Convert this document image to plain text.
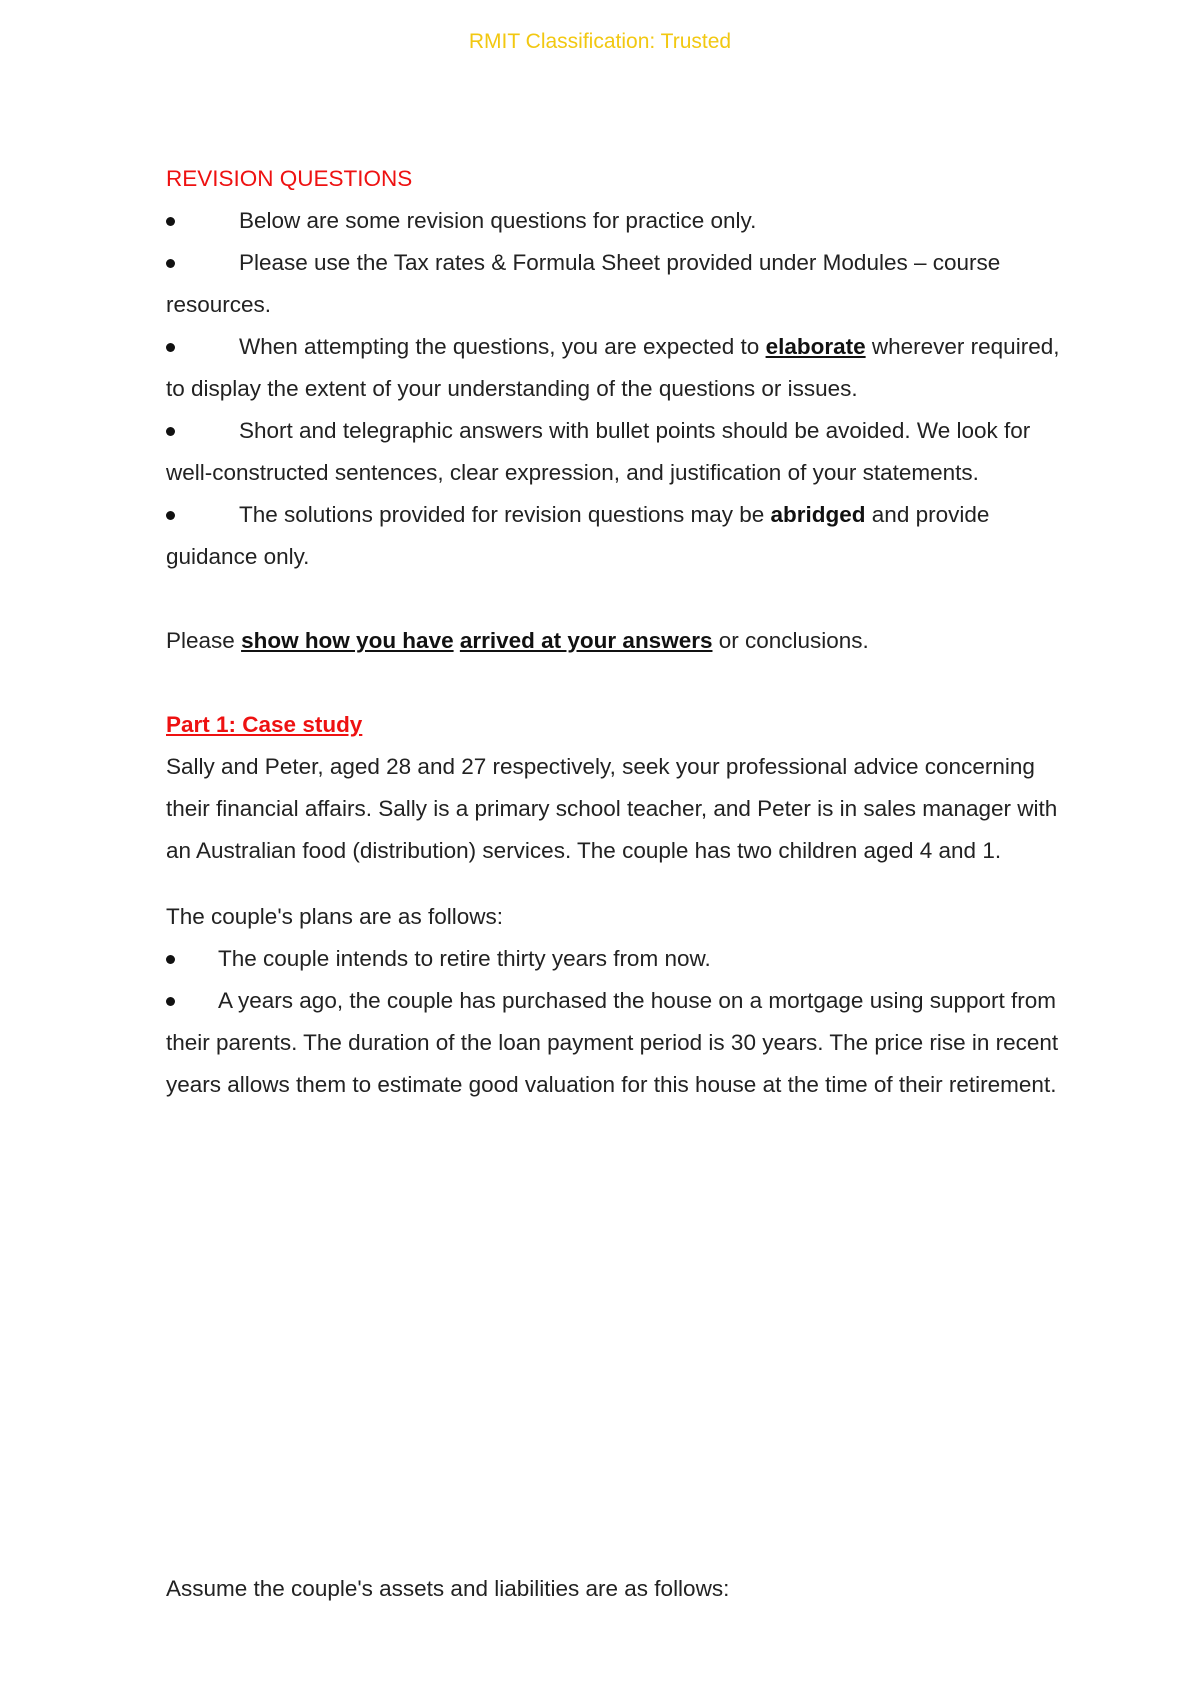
RMIT Classification: Trusted
REVISION QUESTIONS
Below are some revision questions for practice only.
Please use the Tax rates & Formula Sheet provided under Modules – course resources.
When attempting the questions, you are expected to elaborate wherever required, to display the extent of your understanding of the questions or issues.
Short and telegraphic answers with bullet points should be avoided. We look for well-constructed sentences, clear expression, and justification of your statements.
The solutions provided for revision questions may be abridged and provide guidance only.
Please show how you have arrived at your answers or conclusions.
Part 1: Case study
Sally and Peter, aged 28 and 27 respectively, seek your professional advice concerning their financial affairs. Sally is a primary school teacher, and Peter is in sales manager with an Australian food (distribution) services. The couple has two children aged 4 and 1.
The couple's plans are as follows:
The couple intends to retire thirty years from now.
A years ago, the couple has purchased the house on a mortgage using support from their parents. The duration of the loan payment period is 30 years. The price rise in recent years allows them to estimate good valuation for this house at the time of their retirement.
Assume the couple's assets and liabilities are as follows:
